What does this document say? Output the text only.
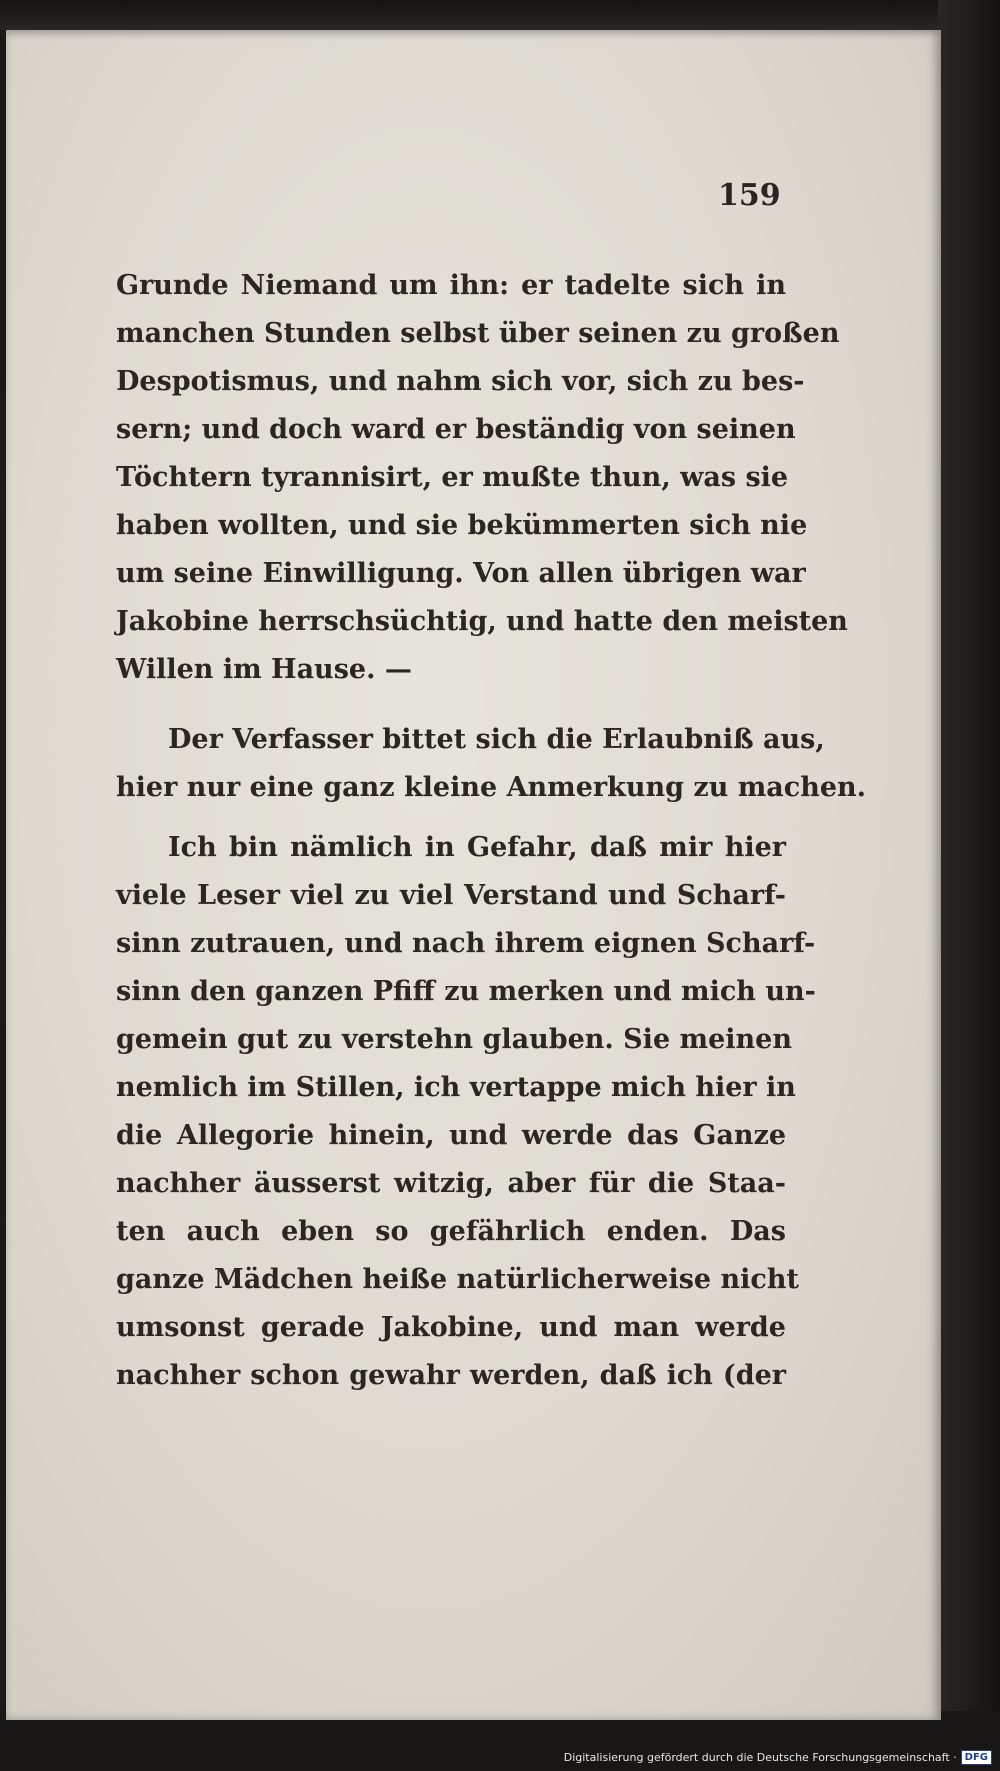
159
Grunde Niemand um ihn: er tadelte sich in
manchen Stunden selbst über seinen zu großen
Despotismus, und nahm sich vor, sich zu bes-
sern; und doch ward er beständig von seinen
Töchtern tyrannisirt, er mußte thun, was sie
haben wollten, und sie bekümmerten sich nie
um seine Einwilligung. Von allen übrigen war
Jakobine herrschsüchtig, und hatte den meisten
Willen im Hause. —
Der Verfasser bittet sich die Erlaubniß aus,
hier nur eine ganz kleine Anmerkung zu machen.
Ich bin nämlich in Gefahr, daß mir hier
viele Leser viel zu viel Verstand und Scharf-
sinn zutrauen, und nach ihrem eignen Scharf-
sinn den ganzen Pfiff zu merken und mich un-
gemein gut zu verstehn glauben. Sie meinen
nemlich im Stillen, ich vertappe mich hier in
die Allegorie hinein, und werde das Ganze
nachher äusserst witzig, aber für die Staa-
ten auch eben so gefährlich enden. Das
ganze Mädchen heiße natürlicherweise nicht
umsonst gerade Jakobine, und man werde
nachher schon gewahr werden, daß ich (der
Digitalisierung gefördert durch die Deutsche Forschungsgemeinschaft · DFG
